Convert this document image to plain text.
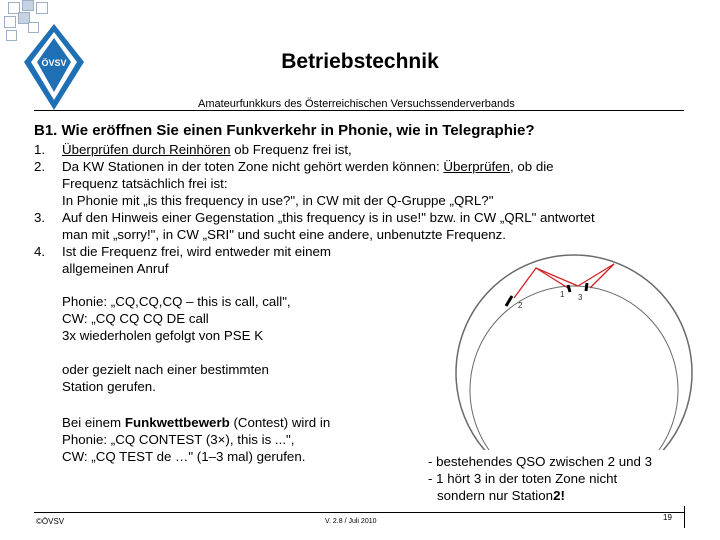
ÖVSV	Betriebstechnik
Amateurfunkkurs des Österreichischen Versuchssenderverbands
B1. Wie eröffnen Sie einen Funkverkehr in Phonie, wie in Telegraphie?
1. Überprüfen durch Reinhören ob Frequenz frei ist,
2. Da KW Stationen in der toten Zone nicht gehört werden können: Überprüfen, ob die
Frequenz tatsächlich frei ist:
In Phonie mit „is this frequency in use?", in CW mit der Q-Gruppe „QRL?"
3. Auf den Hinweis einer Gegenstation „this frequency is in use!" bzw. in CW „QRL" antwortet
man mit „sorry!", in CW „SRI" und sucht eine andere, unbenutzte Frequenz.
4. Ist die Frequenz frei, wird entweder mit einem
allgemeinen Anruf
Phonie: „CQ,CQ,CQ – this is call, call",
CW: „CQ CQ CQ DE call
3x wiederholen gefolgt von PSE K
oder gezielt nach einer bestimmten
Station gerufen.
Bei einem Funkwettbewerb (Contest) wird in
Phonie: „CQ CONTEST (3×), this is ...",
CW: „CQ TEST de …" (1–3 mal) gerufen.
2
1 3
- bestehendes QSO zwischen 2 und 3
- 1 hört 3 in der toten Zone nicht
sondern nur Station2!
©ÖVSV	V. 2.8 / Juli 2010	19
